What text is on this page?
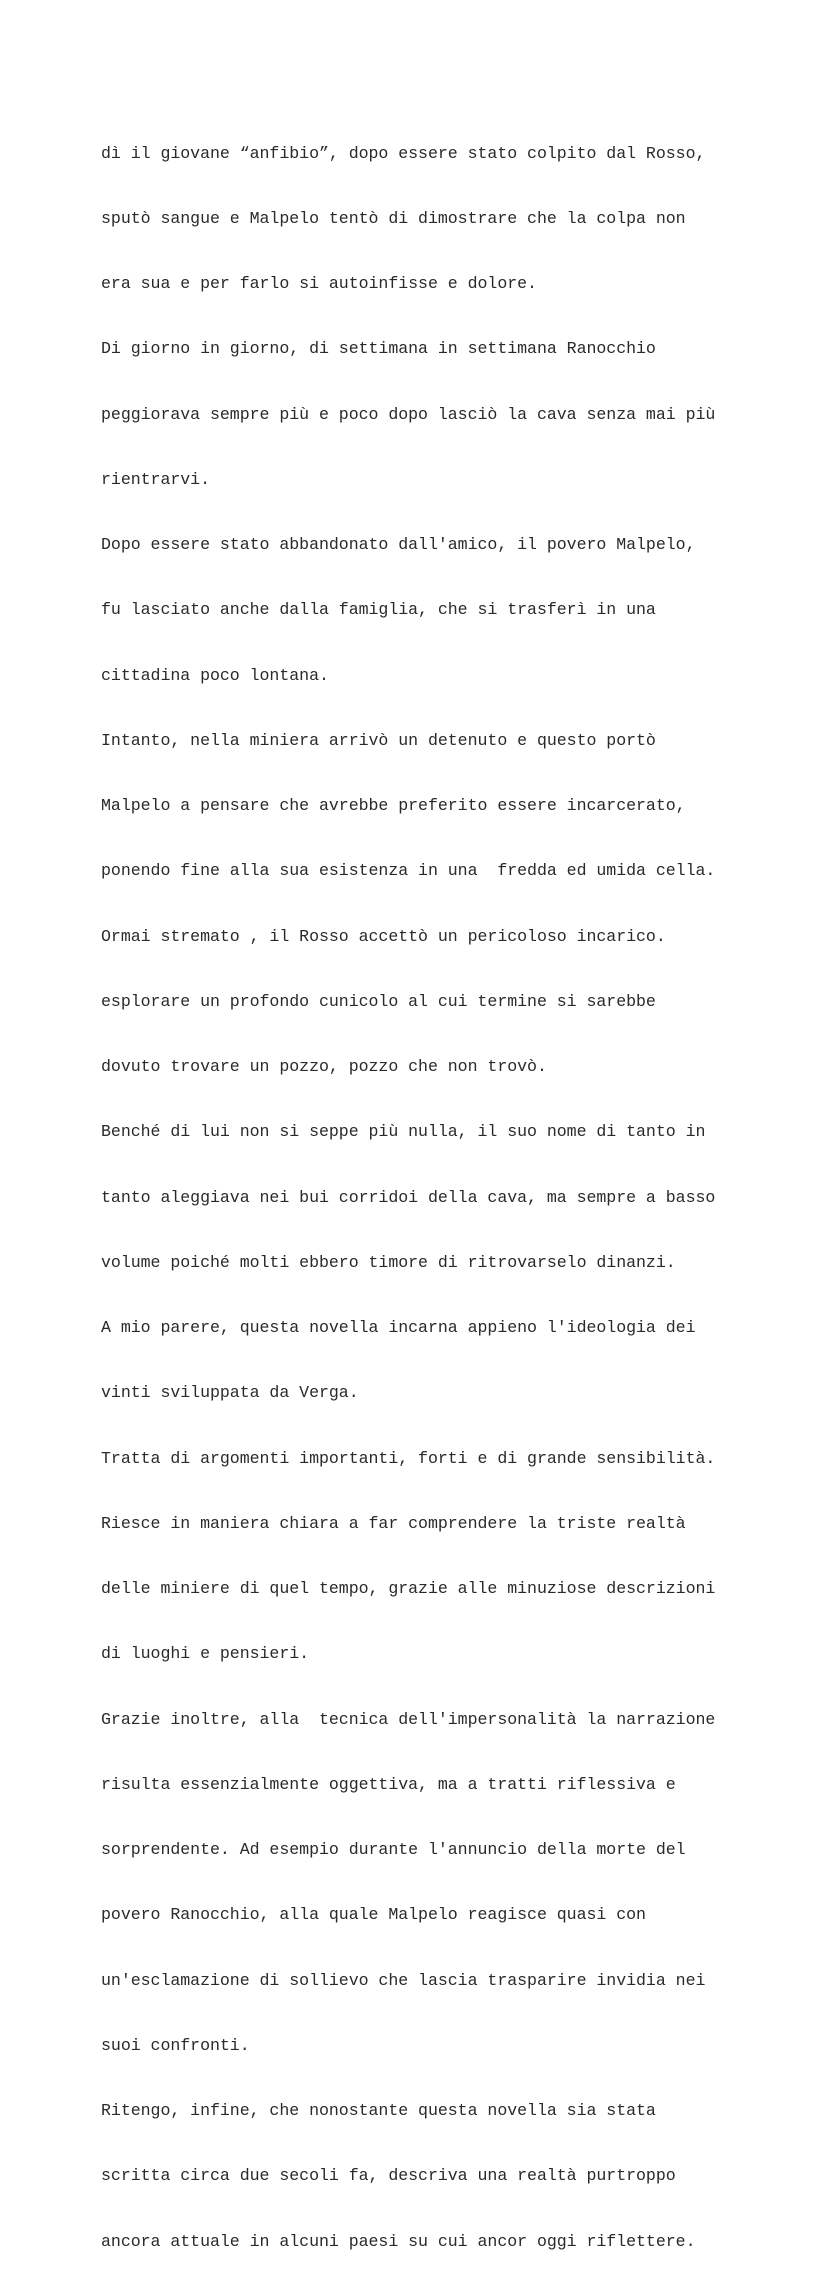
dì il giovane “anfibio”, dopo essere stato colpito dal Rosso,

sputò sangue e Malpelo tentò di dimostrare che la colpa non

era sua e per farlo si autoinfisse e dolore.

Di giorno in giorno, di settimana in settimana Ranocchio

peggiorava sempre più e poco dopo lasciò la cava senza mai più

rientrarvi.

Dopo essere stato abbandonato dall'amico, il povero Malpelo,

fu lasciato anche dalla famiglia, che si trasferì in una

cittadina poco lontana.

Intanto, nella miniera arrivò un detenuto e questo portò

Malpelo a pensare che avrebbe preferito essere incarcerato,

ponendo fine alla sua esistenza in una  fredda ed umida cella.

Ormai stremato , il Rosso accettò un pericoloso incarico.

esplorare un profondo cunicolo al cui termine si sarebbe

dovuto trovare un pozzo, pozzo che non trovò.

Benché di lui non si seppe più nulla, il suo nome di tanto in

tanto aleggiava nei bui corridoi della cava, ma sempre a basso

volume poiché molti ebbero timore di ritrovarselo dinanzi.

A mio parere, questa novella incarna appieno l'ideologia dei

vinti sviluppata da Verga.

Tratta di argomenti importanti, forti e di grande sensibilità.

Riesce in maniera chiara a far comprendere la triste realtà

delle miniere di quel tempo, grazie alle minuziose descrizioni

di luoghi e pensieri.

Grazie inoltre, alla  tecnica dell'impersonalità la narrazione

risulta essenzialmente oggettiva, ma a tratti riflessiva e

sorprendente. Ad esempio durante l'annuncio della morte del

povero Ranocchio, alla quale Malpelo reagisce quasi con

un'esclamazione di sollievo che lascia trasparire invidia nei

suoi confronti.

Ritengo, infine, che nonostante questa novella sia stata

scritta circa due secoli fa, descriva una realtà purtroppo

ancora attuale in alcuni paesi su cui ancor oggi riflettere.
